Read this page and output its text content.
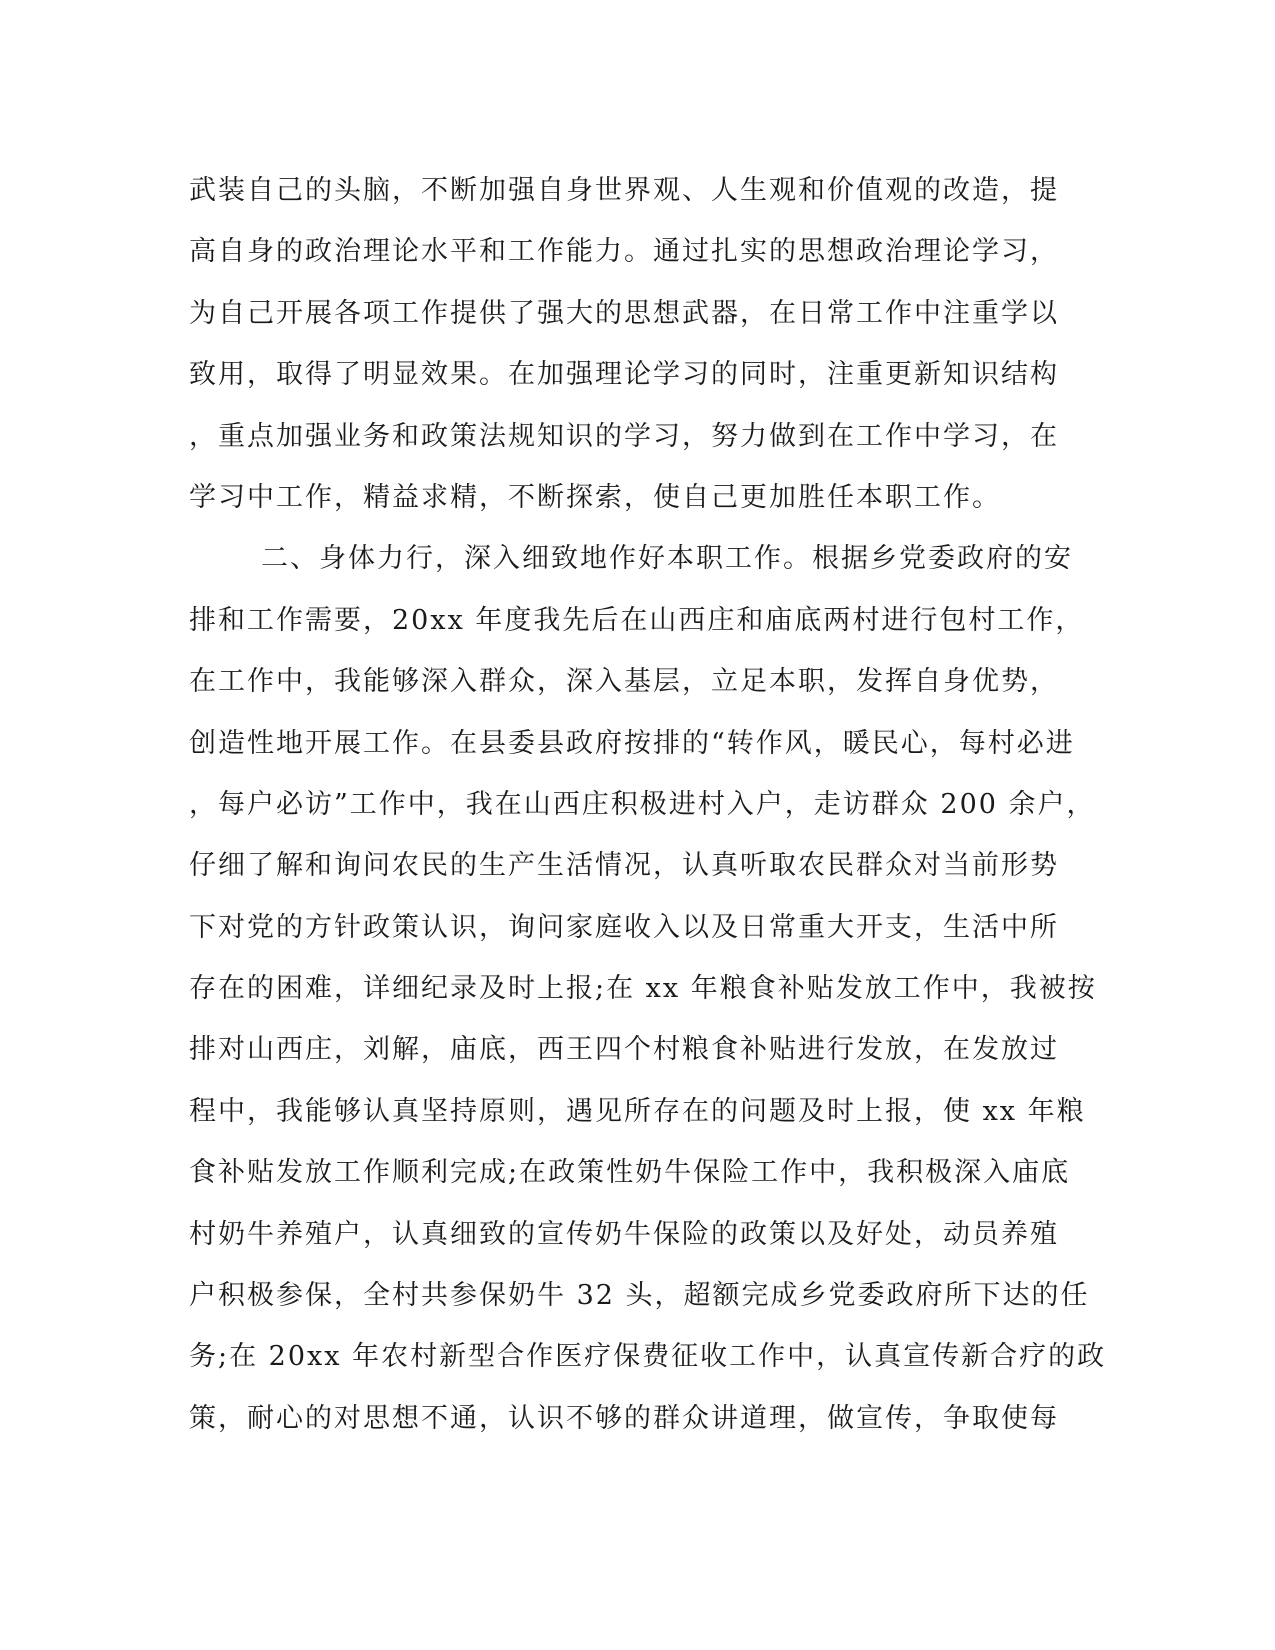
武装自己的头脑，不断加强自身世界观、人生观和价值观的改造，提
高自身的政治理论水平和工作能力。通过扎实的思想政治理论学习，
为自己开展各项工作提供了强大的思想武器，在日常工作中注重学以
致用，取得了明显效果。在加强理论学习的同时，注重更新知识结构
，重点加强业务和政策法规知识的学习，努力做到在工作中学习，在
学习中工作，精益求精，不断探索，使自己更加胜任本职工作。
二、身体力行，深入细致地作好本职工作。根据乡党委政府的安
排和工作需要，20xx 年度我先后在山西庄和庙底两村进行包村工作，
在工作中，我能够深入群众，深入基层，立足本职，发挥自身优势，
创造性地开展工作。在县委县政府按排的“转作风，暖民心，每村必进
，每户必访”工作中，我在山西庄积极进村入户，走访群众 200 余户，
仔细了解和询问农民的生产生活情况，认真听取农民群众对当前形势
下对党的方针政策认识，询问家庭收入以及日常重大开支，生活中所
存在的困难，详细纪录及时上报;在 xx 年粮食补贴发放工作中，我被按
排对山西庄，刘解，庙底，西王四个村粮食补贴进行发放，在发放过
程中，我能够认真坚持原则，遇见所存在的问题及时上报，使 xx 年粮
食补贴发放工作顺利完成;在政策性奶牛保险工作中，我积极深入庙底
村奶牛养殖户，认真细致的宣传奶牛保险的政策以及好处，动员养殖
户积极参保，全村共参保奶牛 32 头，超额完成乡党委政府所下达的任
务;在 20xx 年农村新型合作医疗保费征收工作中，认真宣传新合疗的政
策，耐心的对思想不通，认识不够的群众讲道理，做宣传，争取使每
